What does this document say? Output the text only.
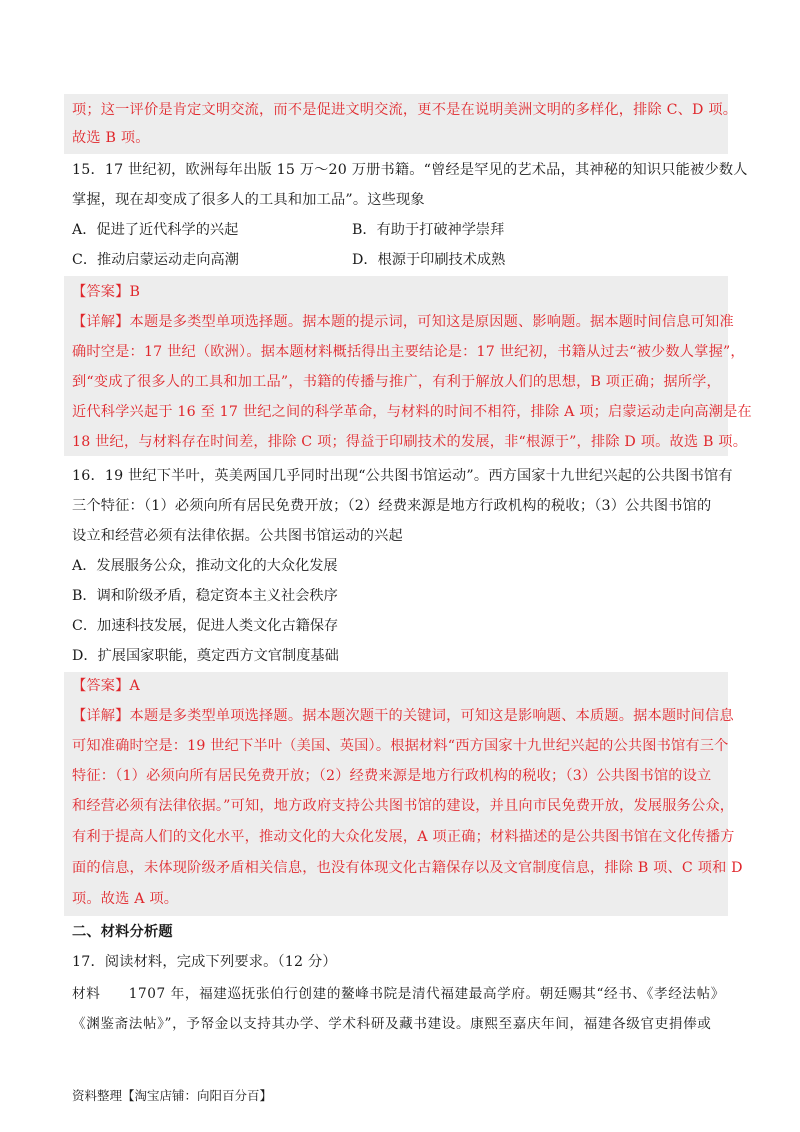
项；这一评价是肯定文明交流，而不是促进文明交流，更不是在说明美洲文明的多样化，排除 C、D 项。
故选 B 项。
15．17 世纪初，欧洲每年出版 15 万～20 万册书籍。“曾经是罕见的艺术品，其神秘的知识只能被少数人
掌握，现在却变成了很多人的工具和加工品”。这些现象
A．促进了近代科学的兴起	B．有助于打破神学崇拜
C．推动启蒙运动走向高潮	D．根源于印刷技术成熟
【答案】B
【详解】本题是多类型单项选择题。据本题的提示词，可知这是原因题、影响题。据本题时间信息可知准
确时空是：17 世纪（欧洲）。据本题材料概括得出主要结论是：17 世纪初，书籍从过去“被少数人掌握”，
到“变成了很多人的工具和加工品”，书籍的传播与推广，有利于解放人们的思想，B 项正确；据所学，
近代科学兴起于 16 至 17 世纪之间的科学革命，与材料的时间不相符，排除 A 项；启蒙运动走向高潮是在
18 世纪，与材料存在时间差，排除 C 项；得益于印刷技术的发展，非“根源于”，排除 D 项。故选 B 项。
16．19 世纪下半叶，英美两国几乎同时出现“公共图书馆运动”。西方国家十九世纪兴起的公共图书馆有
三个特征：（1）必须向所有居民免费开放；（2）经费来源是地方行政机构的税收；（3）公共图书馆的
设立和经营必须有法律依据。公共图书馆运动的兴起
A．发展服务公众，推动文化的大众化发展
B．调和阶级矛盾，稳定资本主义社会秩序
C．加速科技发展，促进人类文化古籍保存
D．扩展国家职能，奠定西方文官制度基础
【答案】A
【详解】本题是多类型单项选择题。据本题次题干的关键词，可知这是影响题、本质题。据本题时间信息
可知准确时空是：19 世纪下半叶（美国、英国）。根据材料“西方国家十九世纪兴起的公共图书馆有三个
特征：（1）必须向所有居民免费开放；（2）经费来源是地方行政机构的税收；（3）公共图书馆的设立
和经营必须有法律依据。”可知，地方政府支持公共图书馆的建设，并且向市民免费开放，发展服务公众，
有利于提高人们的文化水平，推动文化的大众化发展，A 项正确；材料描述的是公共图书馆在文化传播方
面的信息，未体现阶级矛盾相关信息，也没有体现文化古籍保存以及文官制度信息，排除 B 项、C 项和 D
项。故选 A 项。
二、材料分析题
17．阅读材料，完成下列要求。（12 分）
材料　　1707 年，福建巡抚张伯行创建的鳌峰书院是清代福建最高学府。朝廷赐其“经书、《孝经法帖》
《渊鉴斋法帖》”，予帑金以支持其办学、学术科研及藏书建设。康熙至嘉庆年间，福建各级官吏捐俸或
资料整理【淘宝店铺：向阳百分百】
